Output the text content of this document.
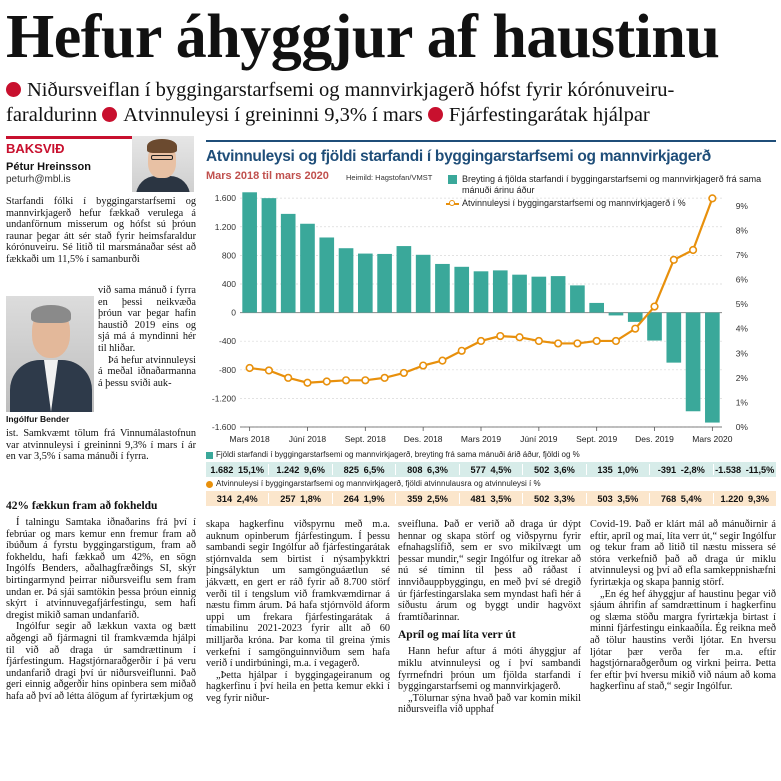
Hefur áhyggjur af haustinu
Niðursveiflan í byggingarstarfsemi og mannvirkjagerð hófst fyrir kórónuveiru-
faraldurinn Atvinnuleysi í greininni 9,3% í mars Fjárfestingarátak hjálpar
BAKSVIÐ
Pétur Hreinsson
peturh@mbl.is
Starfandi fólki í byggingarstarfsemi og mannvirkjagerð hefur fækkað verulega á undanförnum misserum og hófst sú þróun raunar þegar átt sér stað fyrir heimsfaraldur kórónuveiru. Sé litið til marsmánaðar sést að fækkaði um 11,5% í samanburði
við sama mánuð í fyrra en þessi neikvæða þróun var þegar hafin haustið 2019 eins og sjá má á myndinni hér til hliðar.
Þá hefur atvinnuleysi á meðal iðnaðarmanna á þessu sviði auk-
Ingólfur Bender
ist. Samkvæmt tölum frá Vinnumálastofnun var atvinnuleysi í greininni 9,3% í mars í ár en var 3,5% í sama mánuði í fyrra.
42% fækkun fram að fokheldu
Í talningu Samtaka iðnaðarins frá því í febrúar og mars kemur enn fremur fram að íbúðum á fyrstu byggingarstigum, fram að fokheldu, hafi fækkað um 42%, en sögn Ingólfs Benders, aðalhagfræðings SI, skýr birtingarmynd þeirrar niðursveiflu sem fram undan er. Þá sjái samtökin þessa þróun einnig skýrt í atvinnuvegafjárfestingu, sem hafi dregist mikið saman undanfarið.
Ingólfur segir að lækkun vaxta og bætt aðgengi að fjármagni til framkvæmda hjálpi til við að draga úr samdrættinum í fjárfestingum. Hagstjórnaraðgerðir í þá veru undanfarið dragi því úr niðursveiflunni. Það geri einnig aðgerðir hins opinbera sem miðað hafa að því að létta álögum af fyrirtækjum og
Atvinnuleysi og fjöldi starfandi í byggingarstarfsemi og mannvirkjagerð
Mars 2018 til mars 2020 Heimild: Hagstofan/VMST	Breyting á fjölda starfandi í byggingarstarfsemi og mannvirkjagerð frá sama mánuði árinu áður
Atvinnuleysi í byggingarstarfsemi og mannvirkjagerð í %
1.600
1.200
800
400
0
-400
-800
-1.200
-1.600
9%
8%
7%
6%
5%
4%
3%
2%
1%
0%
Mars 2018 Júní 2018 Sept. 2018 Des. 2018 Mars 2019 Júní 2019 Sept. 2019 Des. 2019 Mars 2020
Fjöldi starfandi í byggingarstarfsemi og mannvirkjagerð, breyting frá sama mánuði árið áður, fjöldi og %
1.682 15,1%	1.242 9,6%	825 6,5%	808 6,3%	577 4,5%	502 3,6%	135 1,0%	-391 -2,8%	-1.538 -11,5%
Atvinnuleysi í byggingarstarfsemi og mannvirkjagerð, fjöldi atvinnulausra og atvinnuleysi í %
314 2,4%	257 1,8%	264 1,9%	359 2,5%	481 3,5%	502 3,3%	503 3,5%	768 5,4%	1.220 9,3%
skapa hagkerfinu viðspyrnu með m.a. auknum opinberum fjárfestingum. Í þessu sambandi segir Ingólfur að fjárfestingarátak stjórnvalda sem birtist í nýsamþykktri þingsályktun um samgönguáætlun sé jákvætt, en gert er ráð fyrir að 8.700 störf verði til í tengslum við framkvæmdirnar á næstu fimm árum. Þá hafa stjórnvöld áform uppi um frekara fjárfestingarátak á tímabilinu 2021-2023 fyrir allt að 60 milljarða króna. Þar koma til greina ýmis verkefni í samgönguinnviðum sem hafa verið í undirbúningi, m.a. í vegagerð.
„Þetta hjálpar í byggingageiranum og hagkerfinu í því heila en þetta kemur ekki í veg fyrir niður-
sveifluna. Það er verið að draga úr dýpt hennar og skapa störf og viðspyrnu fyrir efnahagslífið, sem er svo mikilvægt um þessar mundir,“ segir Ingólfur og ítrekar að nú sé tíminn til þess að ráðast í innviðauppbyggingu, en með því sé dregið úr fjárfestingarslaka sem myndast hafi hér á síðustu árum og byggt undir hagvöxt framtíðarinnar.
Apríl og maí líta verr út
Hann hefur aftur á móti áhyggjur af miklu atvinnuleysi og í því sambandi fyrrnefndri þróun um fjölda starfandi í byggingarstarfsemi og mannvirkjagerð.
„Tölurnar sýna hvað það var komin mikil niðursveifla við upphaf
Covid-19. Það er klárt mál að mánuðirnir á eftir, apríl og maí, líta verr út,“ segir Ingólfur og tekur fram að litið til næstu missera sé stóra verkefnið það að draga úr miklu atvinnuleysi og því að efla samkeppnishæfni fyrirtækja og skapa þannig störf.
„En ég hef áhyggjur af haustinu þegar við sjáum áhrifin af samdrættinum í hagkerfinu og slæma stöðu margra fyrirtækja birtast í minni fjárfestingu einkaaðila. Ég reikna með að tölur haustins verði ljótar. En hversu ljótar þær verða fer m.a. eftir hagstjórnaraðgerðum og virkni þeirra. Þetta fer eftir því hversu mikið við náum að koma hagkerfinu af stað,“ segir Ingólfur.
